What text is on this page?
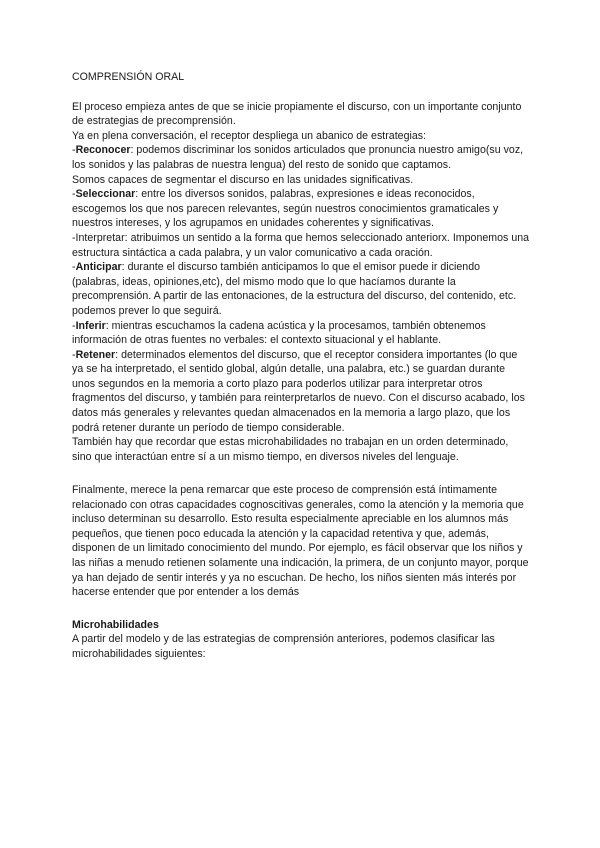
COMPRENSIÓN ORAL

El proceso empieza antes de que se inicie propiamente el discurso, con un importante conjunto de estrategias de precomprensión.

Ya en plena conversación, el receptor despliega un abanico de estrategias:

-Reconocer: podemos discriminar los sonidos articulados que pronuncia nuestro amigo(su voz, los sonidos y las palabras de nuestra lengua) del resto de sonido que captamos.

Somos capaces de segmentar el discurso en las unidades significativas.

-Seleccionar: entre los diversos sonidos, palabras, expresiones e ideas reconocidos, escogemos los que nos parecen relevantes, según nuestros conocimientos gramaticales y nuestros intereses, y los agrupamos en unidades coherentes y significativas.

-Interpretar: atribuimos un sentido a la forma que hemos seleccionado anteriorx. Imponemos una estructura sintáctica a cada palabra, y un valor comunicativo a cada oración.

-Anticipar: durante el discurso también anticipamos lo que el emisor puede ir diciendo (palabras, ideas, opiniones,etc), del mismo modo que lo que hacíamos durante la precomprensión. A partir de las entonaciones, de la estructura del discurso, del contenido, etc. podemos prever lo que seguirá.

-Inferir: mientras escuchamos la cadena acústica y la procesamos, también obtenemos información de otras fuentes no verbales: el contexto situacional y el hablante.

-Retener: determinados elementos del discurso, que el receptor considera importantes (lo que ya se ha interpretado, el sentido global, algún detalle, una palabra, etc.) se guardan durante unos segundos en la memoria a corto plazo para poderlos utilizar para interpretar otros fragmentos del discurso, y también para reinterpretarlos de nuevo. Con el discurso acabado, los datos más generales y relevantes quedan almacenados en la memoria a largo plazo, que los podrá retener durante un período de tiempo considerable.

También hay que recordar que estas microhabilidades no trabajan en un orden determinado, sino que interactúan entre sí a un mismo tiempo, en diversos niveles del lenguaje.

Finalmente, merece la pena remarcar que este proceso de comprensión está íntimamente relacionado con otras capacidades cognoscitivas generales, como la atención y la memoria que incluso determinan su desarrollo. Esto resulta especialmente apreciable en los alumnos más pequeños, que tienen poco educada la atención y la capacidad retentiva y que, además, disponen de un limitado conocimiento del mundo. Por ejemplo, es fácil observar que los niños y las niñas a menudo retienen solamente una indicación, la primera, de un conjunto mayor, porque ya han dejado de sentir interés y ya no escuchan. De hecho, los niños sienten más interés por hacerse entender que por entender a los demás

Microhabilidades

A partir del modelo y de las estrategias de comprensión anteriores, podemos clasificar las microhabilidades siguientes:
